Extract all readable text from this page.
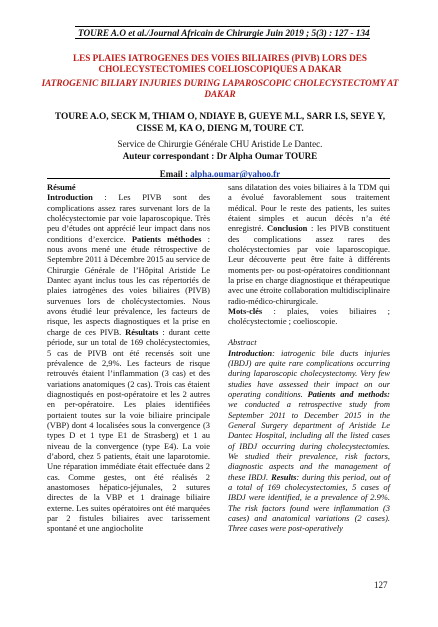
TOURE A.O et al./Journal Africain de Chirurgie Juin 2019 ; 5(3) : 127 - 134
LES PLAIES IATROGENES DES VOIES BILIAIRES (PIVB) LORS DES CHOLECYSTECTOMIES COELIOSCOPIQUES A DAKAR
IATROGENIC BILIARY INJURIES DURING LAPAROSCOPIC CHOLECYSTECTOMY AT DAKAR
TOURE A.O, SECK M, THIAM O, NDIAYE B, GUEYE M.L, SARR I.S, SEYE Y, CISSE M, KA O, DIENG M, TOURE CT.
Service de Chirurgie Générale CHU Aristide Le Dantec.
Auteur correspondant : Dr Alpha Oumar TOURE
Email : alpha.oumar@yahoo.fr

Résumé

Introduction : Les PIVB sont des complications assez rares survenant lors de la cholécystectomie par voie laparoscopique. Très peu d’études ont apprécié leur impact dans nos conditions d’exercice. Patients méthodes : nous avons mené une étude rétrospective de Septembre 2011 à Décembre 2015 au service de Chirurgie Générale de l’Hôpital Aristide Le Dantec ayant inclus tous les cas répertoriés de plaies iatrogènes des voies biliaires (PIVB) survenues lors de cholécystectomies. Nous avons étudié leur prévalence, les facteurs de risque, les aspects diagnostiques et la prise en charge de ces PIVB. Résultats : durant cette période, sur un total de 169 cholécystectomies, 5 cas de PIVB ont été recensés soit une prévalence de 2,9%. Les facteurs de risque retrouvés étaient l’inflammation (3 cas) et des variations anatomiques (2 cas). Trois cas étaient diagnostiqués en post-opératoire et les 2 autres en per-opératoire. Les plaies identifiées portaient toutes sur la voie biliaire principale (VBP) dont 4 localisées sous la convergence (3 types D et 1 type E1 de Strasberg) et 1 au niveau de la convergence (type E4). La voie d’abord, chez 5 patients, était une laparotomie. Une réparation immédiate était effectuée dans 2 cas. Comme gestes, ont été réalisés 2 anastomoses hépatico-jéjunales, 2 sutures directes de la VBP et 1 drainage biliaire externe. Les suites opératoires ont été marquées par 2 fistules biliaires avec tarissement spontané et une angiocholite

sans dilatation des voies biliaires à la TDM qui a évolué favorablement sous traitement médical. Pour le reste des patients, les suites étaient simples et aucun décès n’a été enregistré. Conclusion : les PIVB constituent des complications assez rares des cholécystectomies par voie laparoscopique. Leur découverte peut être faite à différents moments per- ou post-opératoires conditionnant la prise en charge diagnostique et thérapeutique avec une étroite collaboration multidisciplinaire radio-médico-chirurgicale.

Mots-clés : plaies, voies biliaires ; cholécystectomie ; coelioscopie.

Abstract

Introduction: iatrogenic bile ducts injuries (IBDJ) are quite rare complications occurring during laparoscopic cholecystectomy. Very few studies have assessed their impact on our operating conditions. Patients and methods: we conducted a retrospective study from September 2011 to December 2015 in the General Surgery department of Aristide Le Dantec Hospital, including all the listed cases of IBDJ occurring during cholecystectomies. We studied their prevalence, risk factors, diagnostic aspects and the management of these IBDJ. Results: during this period, out of a total of 169 cholecystectomies, 5 cases of IBDJ were identified, ie a prevalence of 2.9%. The risk factors found were inflammation (3 cases) and anatomical variations (2 cases). Three cases were post-operatively

127
